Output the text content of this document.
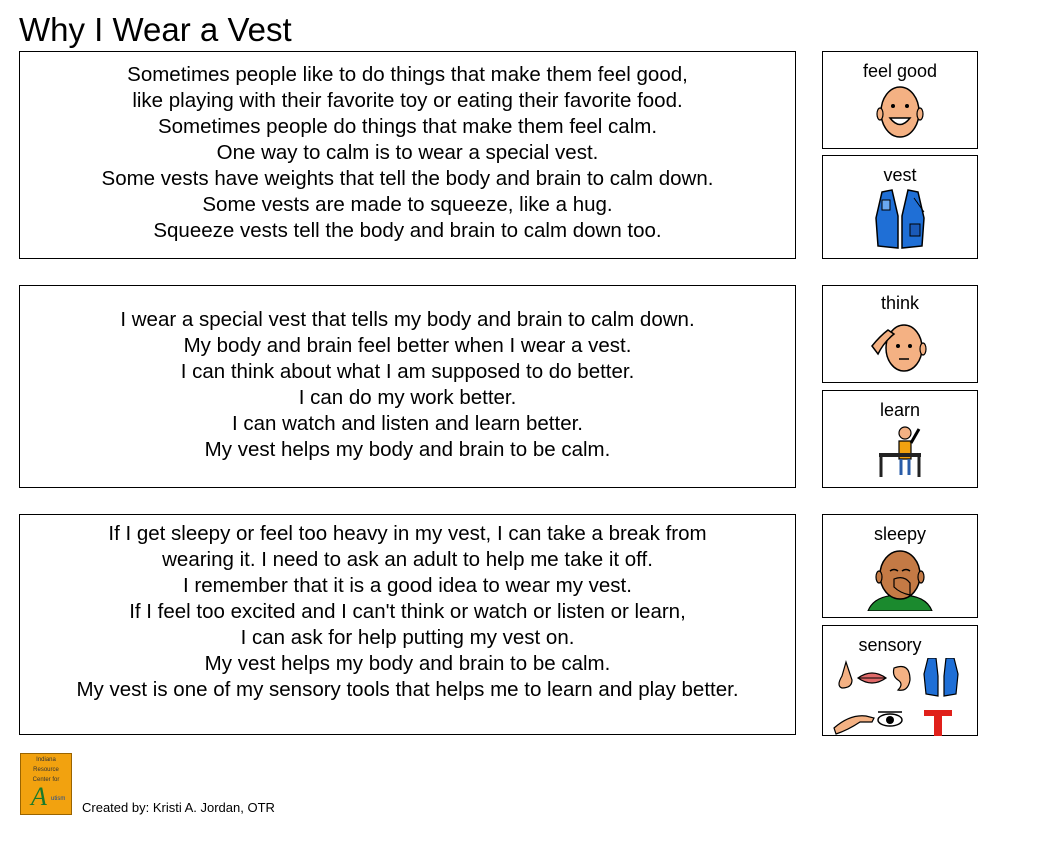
Why I Wear a Vest
Sometimes people like to do things that make them feel good,
like playing with their favorite toy or eating their favorite food.
Sometimes people do things that make them feel calm.
One way to calm is to wear a special vest.
Some vests have weights that tell the body and brain to calm down.
Some vests are made to squeeze, like a hug.
Squeeze vests tell the body and brain to calm down too.
I wear a special vest that tells my body and brain to calm down.
My body and brain feel better when I wear a vest.
I can think about what I am supposed to do better.
I can do my work better.
I can watch and listen and learn better.
My vest helps my body and brain to be calm.
If I get sleepy or feel too heavy in my vest, I can take a break from
wearing it. I need to ask an adult to help me take it off.
I remember that it is a good idea to wear my vest.
If I feel too excited and I can't think or watch or listen or learn,
I can ask for help putting my vest on.
My vest helps my body and brain to be calm.
My vest is one of my sensory tools that helps me to learn and play better.
feel good
vest
think
learn
sleepy
sensory
Indiana
Resource
Center for
A utism
Created by: Kristi A. Jordan, OTR
